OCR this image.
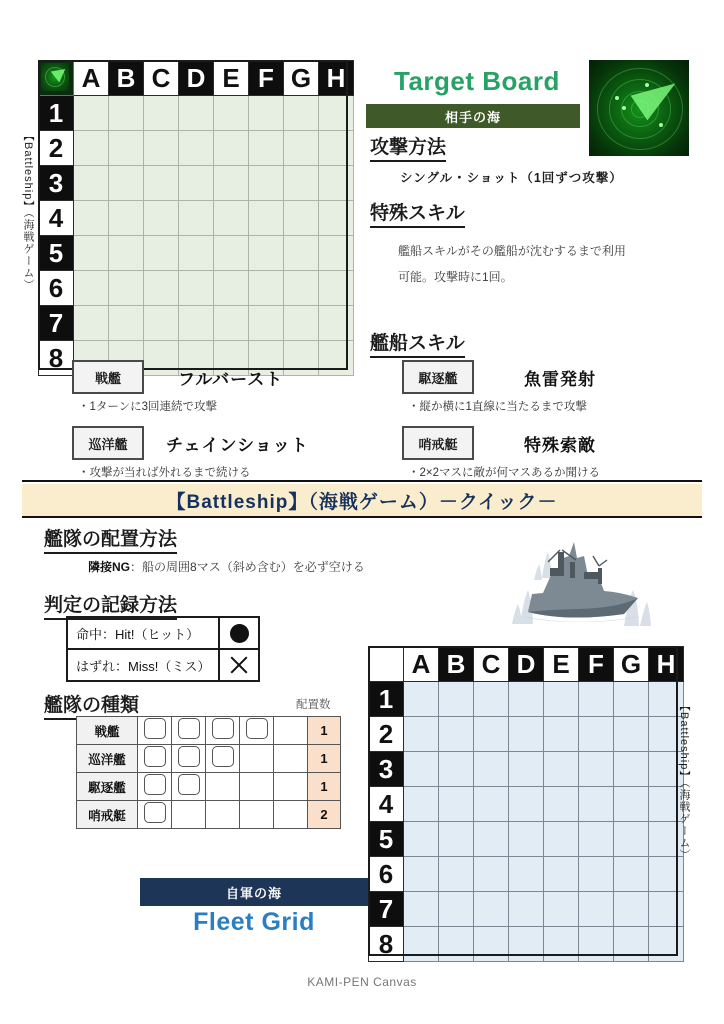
	A	B	C	D	E	F	G	H
1								
2								
3								
4								
5								
6								
7								
8								
【Battleship】（海戦ゲーム）
Target Board
相手の海
攻撃方法
シングル・ショット（1回ずつ攻撃）
特殊スキル
艦船スキルがその艦船が沈むするまで利用
可能。攻撃時に1回。
艦船スキル
戦艦	フルバースト
・1ターンに3回連続で攻撃
駆逐艦	魚雷発射
・縦か横に1直線に当たるまで攻撃
巡洋艦	チェインショット
・攻撃が当れば外れるまで続ける
哨戒艇	特殊索敵
・2×2マスに敵が何マスあるか聞ける
【Battleship】（海戦ゲーム）－クイック－
艦隊の配置方法
隣接NG：船の周囲8マス（斜め含む）を必ず空ける
判定の記録方法
命中：Hit!（ヒット）	
はずれ：Miss!（ミス）	
艦隊の種類	配置数
戦艦						1
巡洋艦						1
駆逐艦						1
哨戒艇						2
	A	B	C	D	E	F	G	H
1								
2								
3								
4								
5								
6								
7								
8								
【Battleship】（海戦ゲーム）
自軍の海
Fleet Grid
KAMI-PEN Canvas
